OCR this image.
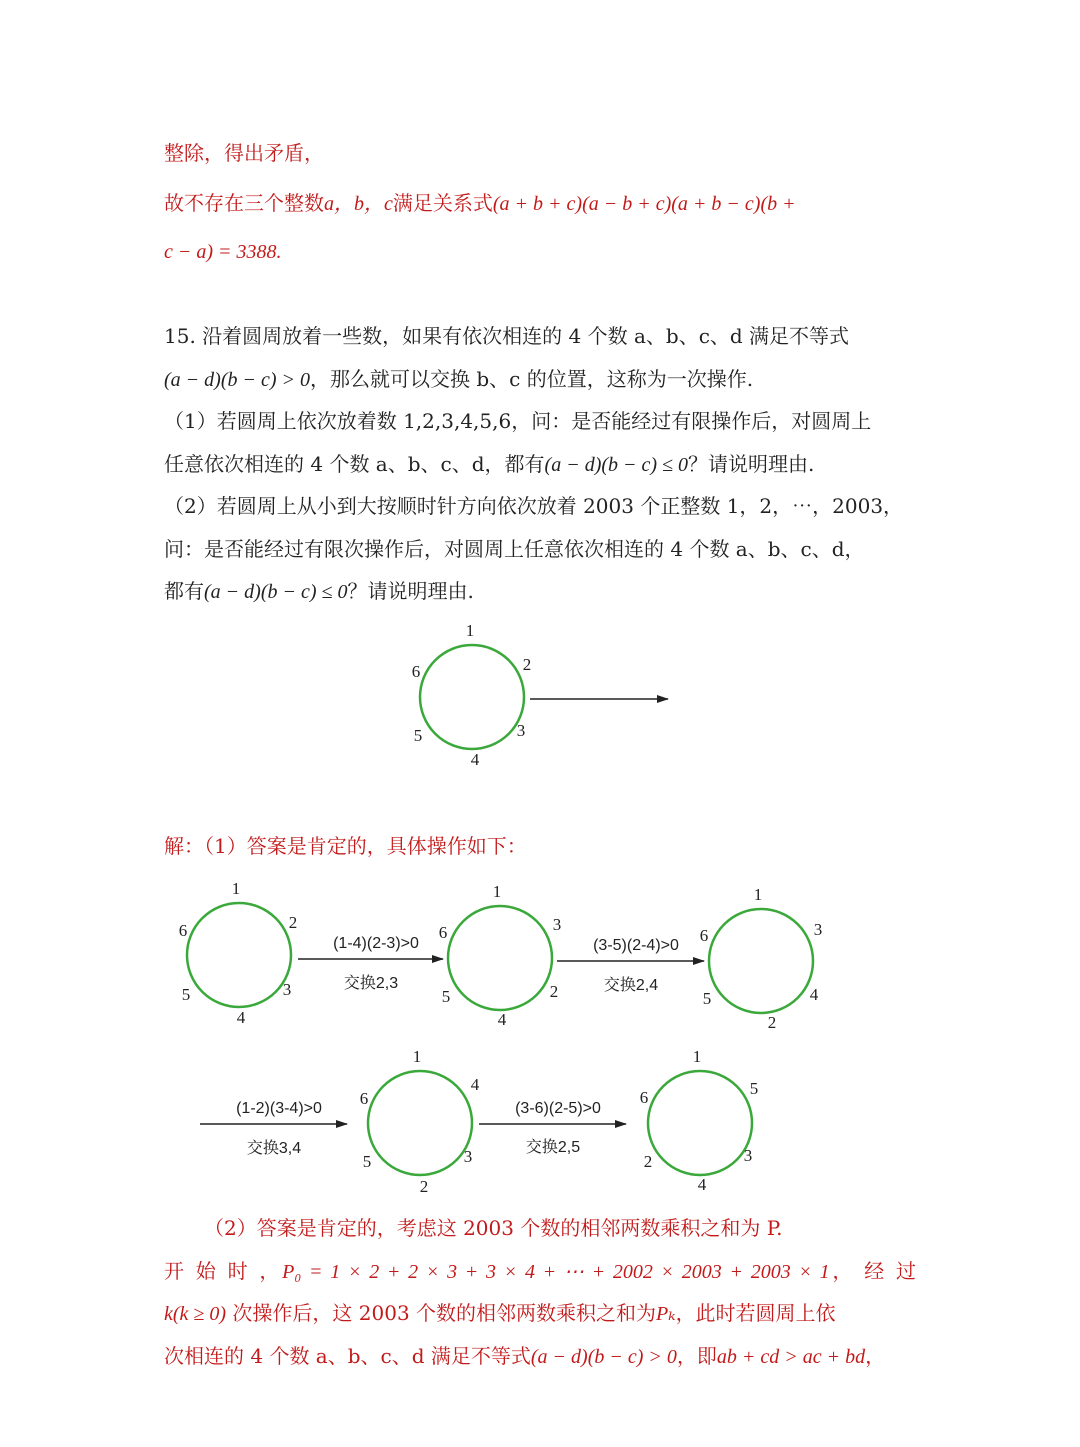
整除，得出矛盾，

故不存在三个整数a，b，c满足关系式(a + b + c)(a − b + c)(a + b − c)(b +

c − a) = 3388.

15. 沿着圆周放着一些数，如果有依次相连的 4 个数 a、b、c、d 满足不等式

(a − d)(b − c) > 0，那么就可以交换 b、c 的位置，这称为一次操作.

（1）若圆周上依次放着数 1,2,3,4,5,6，问：是否能经过有限操作后，对圆周上

任意依次相连的 4 个数 a、b、c、d，都有(a − d)(b − c) ≤ 0？请说明理由.

（2）若圆周上从小到大按顺时针方向依次放着 2003 个正整数 1，2，⋯，2003，

问：是否能经过有限次操作后，对圆周上任意依次相连的 4 个数 a、b、c、d，

都有(a − d)(b − c) ≤ 0？请说明理由.

1
2
3
4
5
6
1
2
3
4
5
6
(1-4)(2-3)>0
交换2,3
1
3
2
4
5
6
(3-5)(2-4)>0
交换2,4
1
3
4
2
5
6
(1-2)(3-4)>0
交换3,4
1
4
3
2
5
6
(3-6)(2-5)>0
交换2,5
1
5
3
4
2
6

解：（1）答案是肯定的，具体操作如下：

（2）答案是肯定的，考虑这 2003 个数的相邻两数乘积之和为 P.

开 始 时 ，P₀ = 1 × 2 + 2 × 3 + 3 × 4 + ⋯ + 2002 × 2003 + 2003 × 1， 经 过

k(k ≥ 0) 次操作后，这 2003 个数的相邻两数乘积之和为Pₖ，此时若圆周上依

次相连的 4 个数 a、b、c、d 满足不等式(a − d)(b − c) > 0，即ab + cd > ac + bd，
